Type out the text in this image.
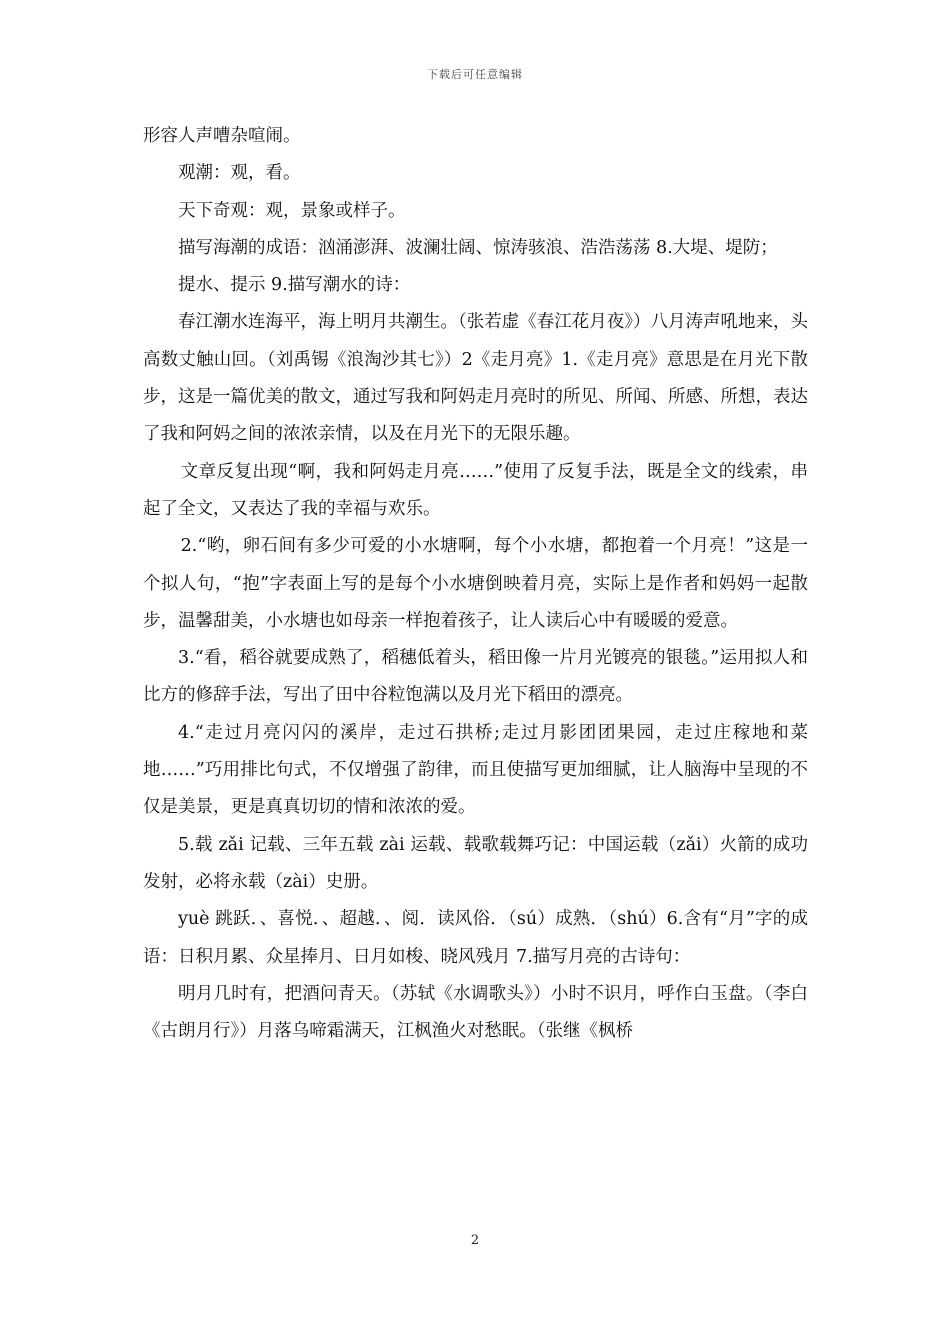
下载后可任意编辑

形容人声嘈杂喧闹。

观潮：观，看。

天下奇观：观，景象或样子。

描写海潮的成语：汹涌澎湃、波澜壮阔、惊涛骇浪、浩浩荡荡 8.大堤、堤防；

提水、提示 9.描写潮水的诗：

春江潮水连海平，海上明月共潮生。（张若虚《春江花月夜》）八月涛声吼地来，头高数丈触山回。（刘禹锡《浪淘沙其七》）2《走月亮》1.《走月亮》意思是在月光下散步，这是一篇优美的散文，通过写我和阿妈走月亮时的所见、所闻、所感、所想，表达了我和阿妈之间的浓浓亲情，以及在月光下的无限乐趣。

文章反复出现“啊，我和阿妈走月亮……”使用了反复手法，既是全文的线索，串起了全文，又表达了我的幸福与欢乐。

2.“哟，卵石间有多少可爱的小水塘啊，每个小水塘，都抱着一个月亮！”这是一个拟人句，“抱”字表面上写的是每个小水塘倒映着月亮，实际上是作者和妈妈一起散步，温馨甜美，小水塘也如母亲一样抱着孩子，让人读后心中有暖暖的爱意。

3.“看，稻谷就要成熟了，稻穗低着头，稻田像一片月光镀亮的银毯。”运用拟人和比方的修辞手法，写出了田中谷粒饱满以及月光下稻田的漂亮。

4.“走过月亮闪闪的溪岸，走过石拱桥;走过月影团团果园，走过庄稼地和菜地……”巧用排比句式，不仅增强了韵律，而且使描写更加细腻，让人脑海中呈现的不仅是美景，更是真真切切的情和浓浓的爱。

5.载 zǎi 记载、三年五载 zài 运载、载歌载舞巧记：中国运载（zǎi）火箭的成功发射，必将永载（zài）史册。

yuè 跳跃．、喜悦．、超越．、阅．读风俗．（sú）成熟．（shú）6.含有“月”字的成语：日积月累、众星捧月、日月如梭、晓风残月 7.描写月亮的古诗句：

明月几时有，把酒问青天。（苏轼《水调歌头》）小时不识月，呼作白玉盘。（李白《古朗月行》）月落乌啼霜满天，江枫渔火对愁眠。（张继《枫桥

2
